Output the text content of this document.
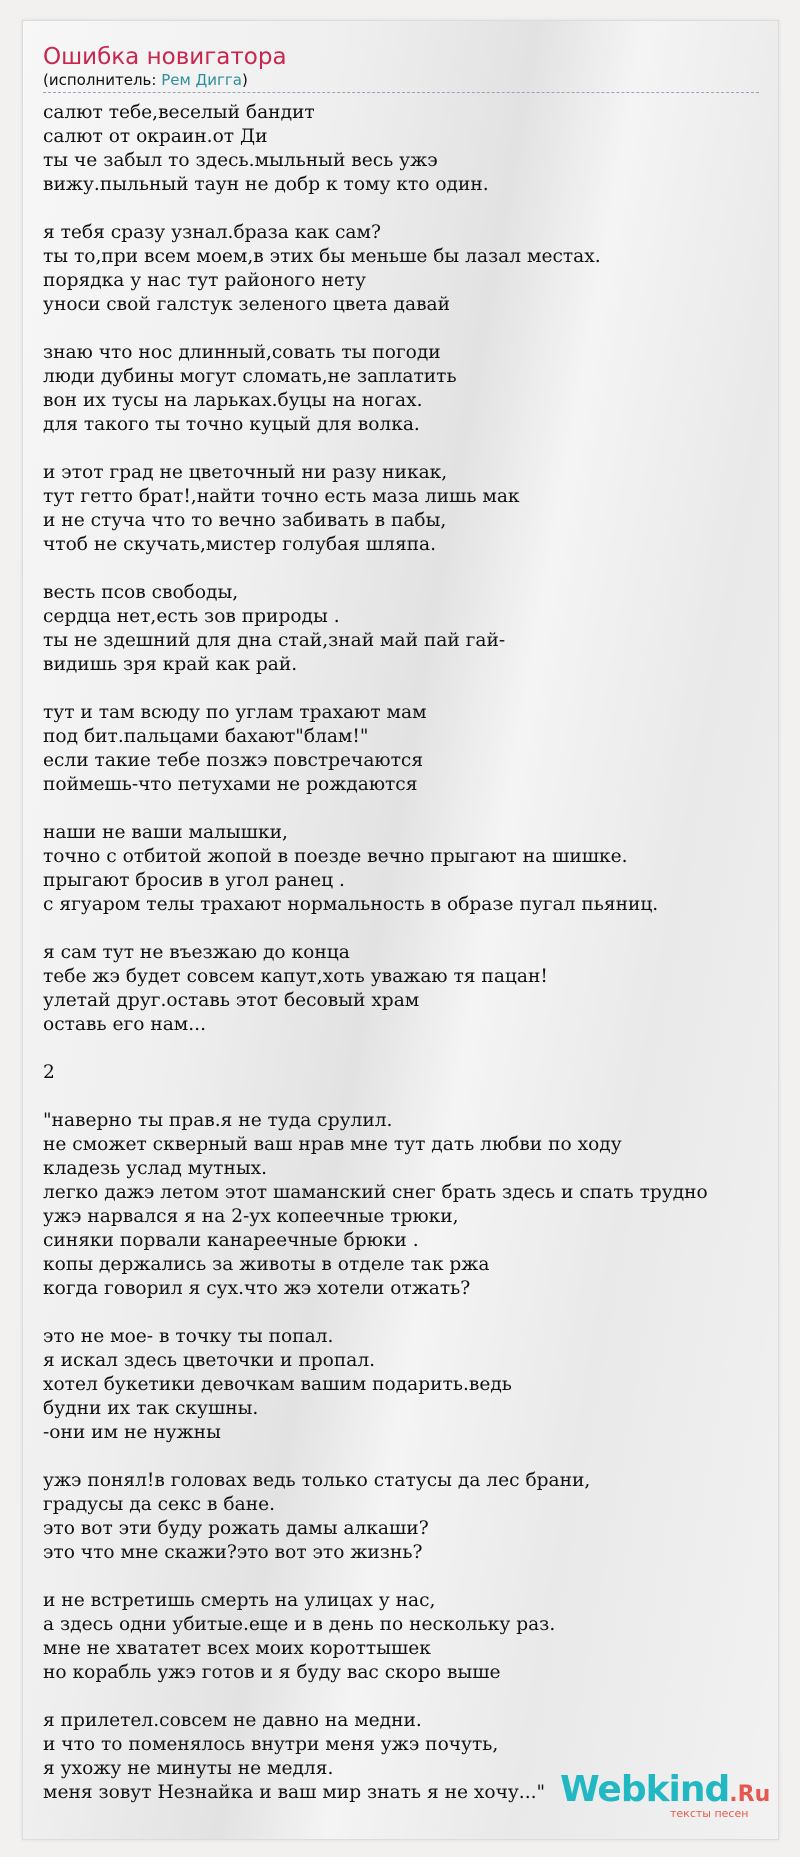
Ошибка новигатора
(исполнитель: Рем Дигга)
салют тебе,веселый бандит
салют от окраин.от Ди
ты че забыл то здесь.мыльный весь ужэ
вижу.пыльный таун не добр к тому кто один.

я тебя сразу узнал.браза как сам?
ты то,при всем моем,в этих бы меньше бы лазал местах.
порядка у нас тут районого нету
уноси свой галстук зеленого цвета давай

знаю что нос длинный,совать ты погоди
люди дубины могут сломать,не заплатить
вон их тусы на ларьках.буцы на ногах.
для такого ты точно куцый для волка.

и этот град не цветочный ни разу никак,
тут гетто брат!,найти точно есть маза лишь мак
и не стуча что то вечно забивать в пабы,
чтоб не скучать,мистер голубая шляпа.

весть псов свободы,
сердца нет,есть зов природы .
ты не здешний для дна стай,знай май пай гай-
видишь зря край как рай.

тут и там всюду по углам трахают мам
под бит.пальцами бахают"блам!"
если такие тебе позжэ повстречаются
поймешь-что петухами не рождаются

наши не ваши малышки,
точно с отбитой жопой в поезде вечно прыгают на шишке.
прыгают бросив в угол ранец .
с ягуаром телы трахают нормальность в образе пугал пьяниц.

я сам тут не въезжаю до конца
тебе жэ будет совсем капут,хоть уважаю тя пацан!
улетай друг.оставь этот бесовый храм
оставь его нам...

2

"наверно ты прав.я не туда срулил.
не сможет скверный ваш нрав мне тут дать любви по ходу
кладезь услад мутных.
легко дажэ летом этот шаманский снег брать здесь и спать трудно
ужэ нарвался я на 2-ух копеечные трюки,
синяки порвали канареечные брюки .
копы держались за животы в отделе так ржа
когда говорил я сух.что жэ хотели отжать?

это не мое- в точку ты попал.
я искал здесь цветочки и пропал.
хотел букетики девочкам вашим подарить.ведь
будни их так скушны.
-они им не нужны

ужэ понял!в головах ведь только статусы да лес брани,
градусы да секс в бане.
это вот эти буду рожать дамы алкаши?
это что мне скажи?это вот это жизнь?

и не встретишь смерть на улицах у нас,
а здесь одни убитые.еще и в день по нескольку раз.
мне не хвататет всех моих короттышек
но корабль ужэ готов и я буду вас скоро выше

я прилетел.совсем не давно на медни.
и что то поменялось внутри меня ужэ почуть,
я ухожу не минуты не медля.
меня зовут Незнайка и ваш мир знать я не хочу..." Webkind.Ru
тексты песен
